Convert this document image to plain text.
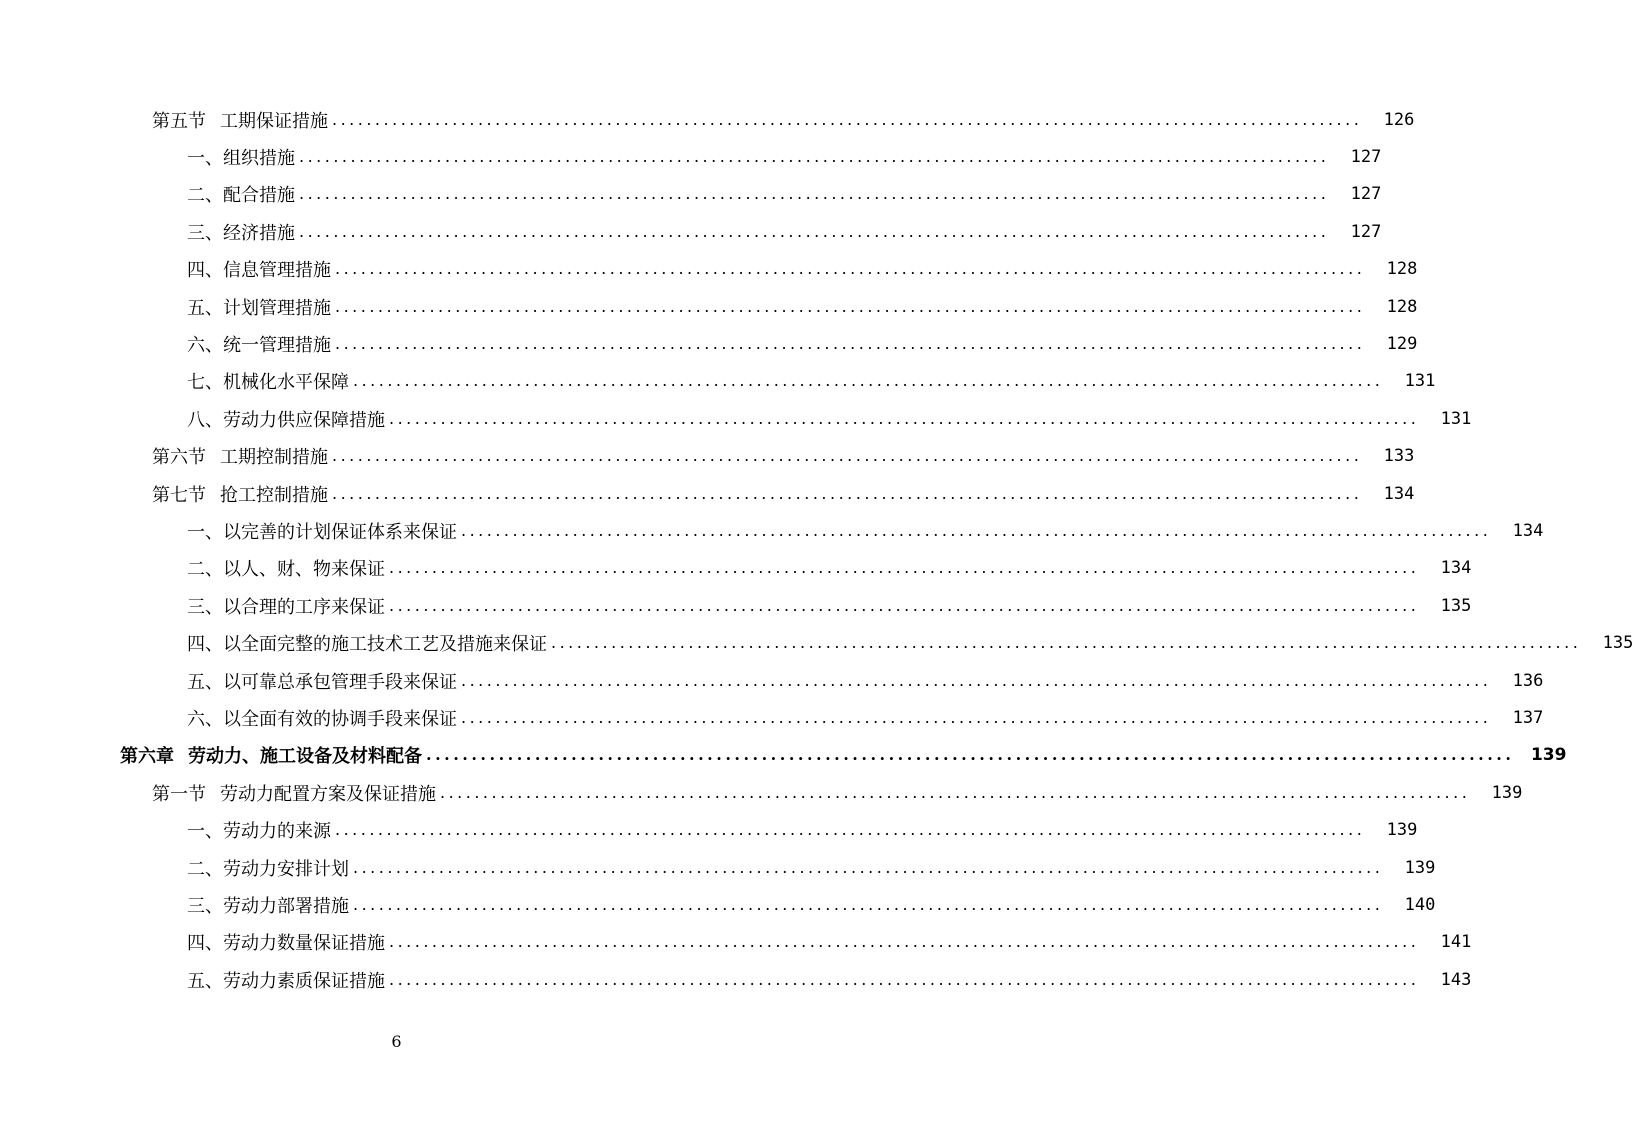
第五节 工期保证措施 ........................................................................................................................	126
一、组织措施 ........................................................................................................................	127
二、配合措施 ........................................................................................................................	127
三、经济措施 ........................................................................................................................	127
四、信息管理措施 ........................................................................................................................	128
五、计划管理措施 ........................................................................................................................	128
六、统一管理措施 ........................................................................................................................	129
七、机械化水平保障 ........................................................................................................................	131
八、劳动力供应保障措施 ........................................................................................................................	131
第六节 工期控制措施 ........................................................................................................................	133
第七节 抢工控制措施 ........................................................................................................................	134
一、以完善的计划保证体系来保证 ........................................................................................................................	134
二、以人、财、物来保证 ........................................................................................................................	134
三、以合理的工序来保证 ........................................................................................................................	135
四、以全面完整的施工技术工艺及措施来保证 ........................................................................................................................	135
五、以可靠总承包管理手段来保证 ........................................................................................................................	136
六、以全面有效的协调手段来保证 ........................................................................................................................	137
第六章 劳动力、施工设备及材料配备 ........................................................................................................................ 139
第一节 劳动力配置方案及保证措施 ........................................................................................................................	139
一、劳动力的来源 ........................................................................................................................	139
二、劳动力安排计划 ........................................................................................................................	139
三、劳动力部署措施 ........................................................................................................................	140
四、劳动力数量保证措施 ........................................................................................................................	141
五、劳动力素质保证措施 ........................................................................................................................	143
6
